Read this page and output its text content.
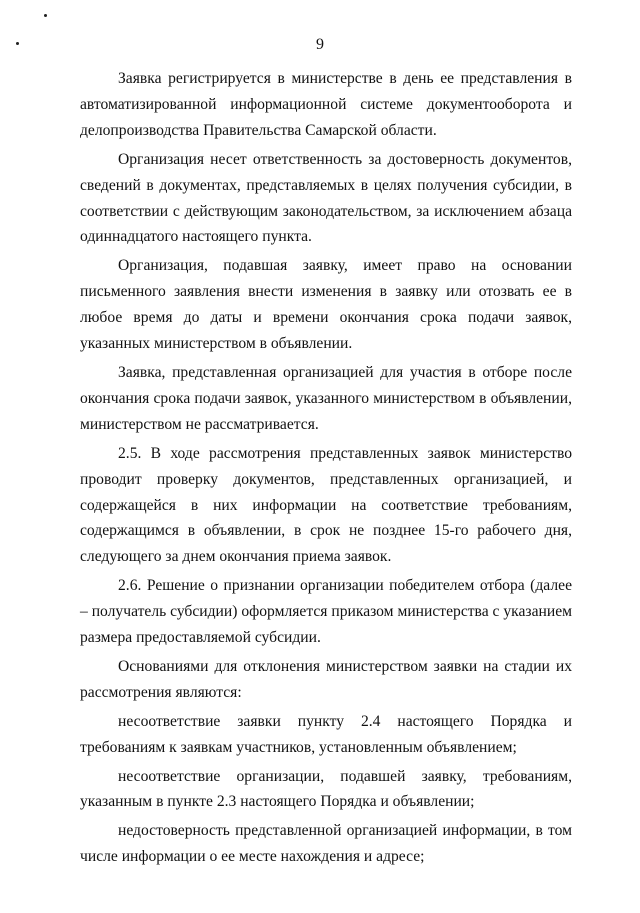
9

Заявка регистрируется в министерстве в день ее представления в автоматизированной информационной системе документооборота и делопроизводства Правительства Самарской области.

Организация несет ответственность за достоверность документов, сведений в документах, представляемых в целях получения субсидии, в соответствии с действующим законодательством, за исключением абзаца одиннадцатого настоящего пункта.

Организация, подавшая заявку, имеет право на основании письменного заявления внести изменения в заявку или отозвать ее в любое время до даты и времени окончания срока подачи заявок, указанных министерством в объявлении.

Заявка, представленная организацией для участия в отборе после окончания срока подачи заявок, указанного министерством в объявлении, министерством не рассматривается.

2.5. В ходе рассмотрения представленных заявок министерство проводит проверку документов, представленных организацией, и содержащейся в них информации на соответствие требованиям, содержащимся в объявлении, в срок не позднее 15-го рабочего дня, следующего за днем окончания приема заявок.

2.6. Решение о признании организации победителем отбора (далее – получатель субсидии) оформляется приказом министерства с указанием размера предоставляемой субсидии.

Основаниями для отклонения министерством заявки на стадии их рассмотрения являются:

несоответствие заявки пункту 2.4 настоящего Порядка и требованиям к заявкам участников, установленным объявлением;

несоответствие организации, подавшей заявку, требованиям, указанным в пункте 2.3 настоящего Порядка и объявлении;

недостоверность представленной организацией информации, в том числе информации о ее месте нахождения и адресе;
